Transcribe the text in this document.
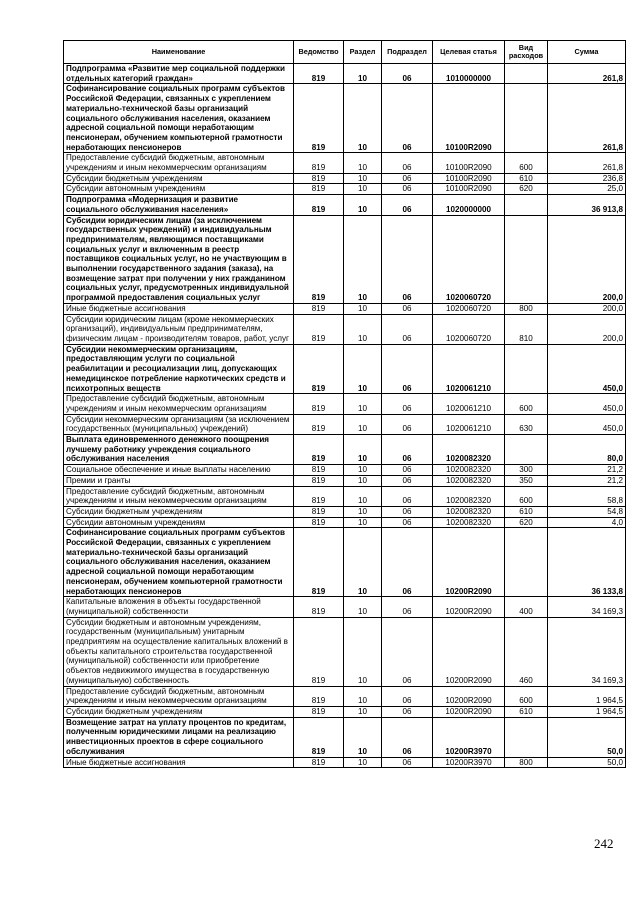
Наименование	Ведомство	Раздел	Подраздел	Целевая статья	Вид расходов	Сумма
Подпрограмма «Развитие мер социальной поддержки отдельных категорий граждан»	819	10	06	1010000000		261,8
Софинансирование социальных программ субъектов Российской Федерации, связанных с укреплением материально-технической базы организаций социального обслуживания населения, оказанием адресной социальной помощи неработающим пенсионерам, обучением компьютерной грамотности неработающих пенсионеров	819	10	06	10100R2090		261,8
Предоставление субсидий бюджетным, автономным учреждениям и иным некоммерческим организациям	819	10	06	10100R2090	600	261,8
Субсидии бюджетным учреждениям	819	10	06	10100R2090	610	236,8
Субсидии автономным учреждениям	819	10	06	10100R2090	620	25,0
Подпрограмма «Модернизация и развитие социального обслуживания населения»	819	10	06	1020000000		36 913,8
Субсидии юридическим лицам (за исключением государственных учреждений) и индивидуальным предпринимателям, являющимся поставщиками социальных услуг и включенным в реестр поставщиков социальных услуг, но не участвующим в выполнении государственного задания (заказа), на возмещение затрат при получении у них гражданином социальных услуг, предусмотренных индивидуальной программой предоставления социальных услуг	819	10	06	1020060720		200,0
Иные бюджетные ассигнования	819	10	06	1020060720	800	200,0
Субсидии юридическим лицам (кроме некоммерческих организаций), индивидуальным предпринимателям, физическим лицам - производителям товаров, работ, услуг	819	10	06	1020060720	810	200,0
Субсидии некоммерческим организациям, предоставляющим услуги по социальной реабилитации и ресоциализации лиц, допускающих немедицинское потребление наркотических средств и психотропных веществ	819	10	06	1020061210		450,0
Предоставление субсидий бюджетным, автономным учреждениям и иным некоммерческим организациям	819	10	06	1020061210	600	450,0
Субсидии некоммерческим организациям (за исключением государственных (муниципальных) учреждений)	819	10	06	1020061210	630	450,0
Выплата единовременного денежного поощрения лучшему работнику учреждения социального обслуживания населения	819	10	06	1020082320		80,0
Социальное обеспечение и иные выплаты населению	819	10	06	1020082320	300	21,2
Премии и гранты	819	10	06	1020082320	350	21,2
Предоставление субсидий бюджетным, автономным учреждениям и иным некоммерческим организациям	819	10	06	1020082320	600	58,8
Субсидии бюджетным учреждениям	819	10	06	1020082320	610	54,8
Субсидии автономным учреждениям	819	10	06	1020082320	620	4,0
Софинансирование социальных программ субъектов Российской Федерации, связанных с укреплением материально-технической базы организаций социального обслуживания населения, оказанием адресной социальной помощи неработающим пенсионерам, обучением компьютерной грамотности неработающих пенсионеров	819	10	06	10200R2090		36 133,8
Капитальные вложения в объекты государственной (муниципальной) собственности	819	10	06	10200R2090	400	34 169,3
Субсидии бюджетным и автономным учреждениям, государственным (муниципальным) унитарным предприятиям на осуществление капитальных вложений в объекты капитального строительства государственной (муниципальной) собственности или приобретение объектов недвижимого имущества в государственную (муниципальную) собственность	819	10	06	10200R2090	460	34 169,3
Предоставление субсидий бюджетным, автономным учреждениям и иным некоммерческим организациям	819	10	06	10200R2090	600	1 964,5
Субсидии бюджетным учреждениям	819	10	06	10200R2090	610	1 964,5
Возмещение затрат на уплату процентов по кредитам, полученным юридическими лицами на реализацию инвестиционных проектов в сфере социального обслуживания	819	10	06	10200R3970		50,0
Иные бюджетные ассигнования	819	10	06	10200R3970	800	50,0
242
